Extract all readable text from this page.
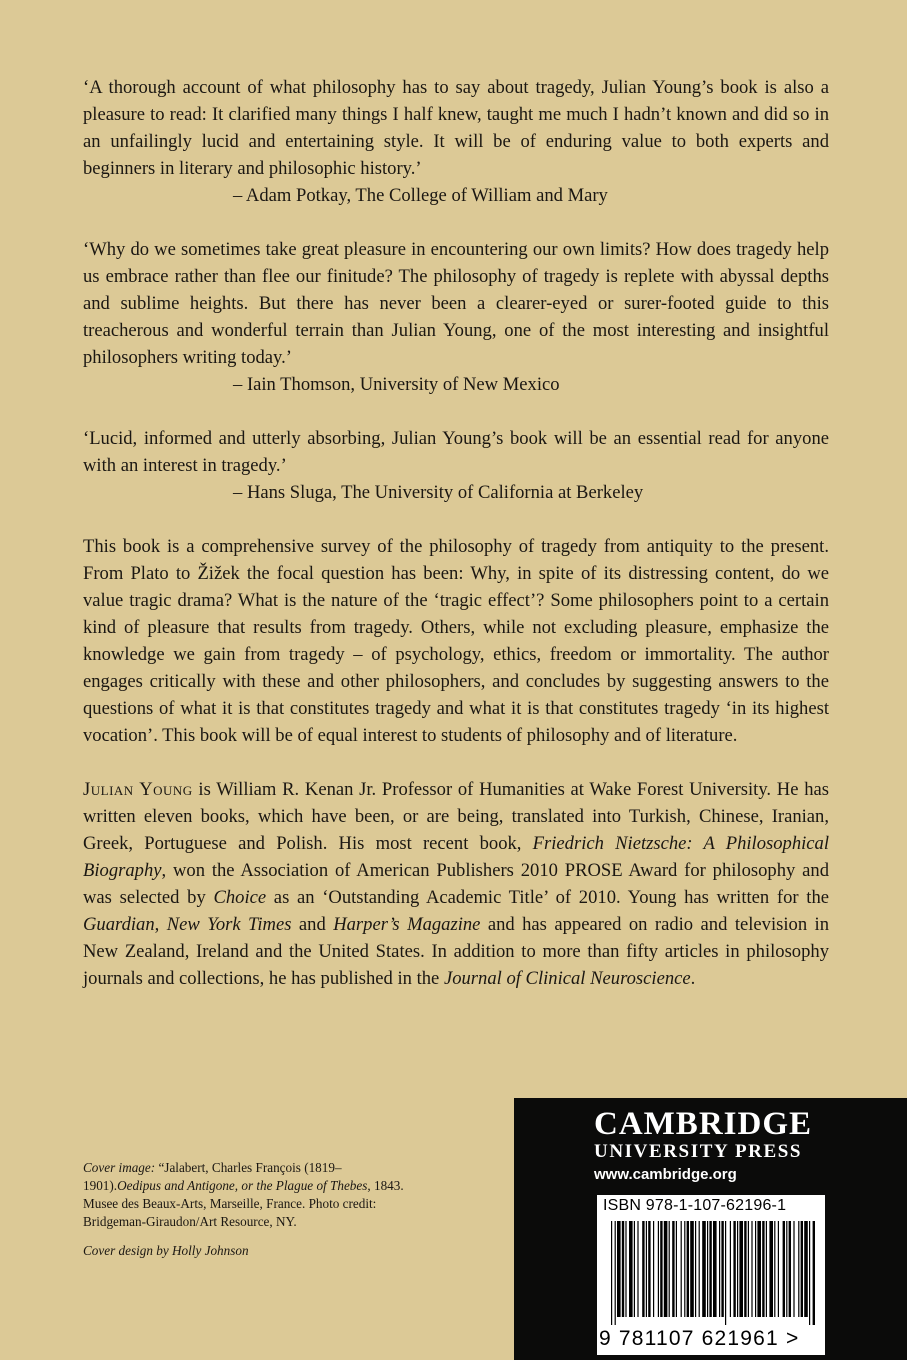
‘A thorough account of what philosophy has to say about tragedy, Julian Young’s book is also a pleasure to read: It clarified many things I half knew, taught me much I hadn’t known and did so in an unfailingly lucid and entertaining style. It will be of enduring value to both experts and beginners in literary and philosophic history.’

– Adam Potkay, The College of William and Mary

‘Why do we sometimes take great pleasure in encountering our own limits? How does tragedy help us embrace rather than flee our finitude? The philosophy of tragedy is replete with abyssal depths and sublime heights. But there has never been a clearer-eyed or surer-footed guide to this treacherous and wonderful terrain than Julian Young, one of the most interesting and insightful philosophers writing today.’

– Iain Thomson, University of New Mexico

‘Lucid, informed and utterly absorbing, Julian Young’s book will be an essential read for anyone with an interest in tragedy.’

– Hans Sluga, The University of California at Berkeley

This book is a comprehensive survey of the philosophy of tragedy from antiquity to the present. From Plato to Žižek the focal question has been: Why, in spite of its distressing content, do we value tragic drama? What is the nature of the ‘tragic effect’? Some philosophers point to a certain kind of pleasure that results from tragedy. Others, while not excluding pleasure, emphasize the knowledge we gain from tragedy – of psychology, ethics, freedom or immortality. The author engages critically with these and other philosophers, and concludes by suggesting answers to the questions of what it is that constitutes tragedy and what it is that constitutes tragedy ‘in its highest vocation’. This book will be of equal interest to students of philosophy and of literature.

Julian Young is William R. Kenan Jr. Professor of Humanities at Wake Forest University. He has written eleven books, which have been, or are being, translated into Turkish, Chinese, Iranian, Greek, Portuguese and Polish. His most recent book, Friedrich Nietzsche: A Philosophical Biography, won the Association of American Publishers 2010 PROSE Award for philosophy and was selected by Choice as an ‘Outstanding Academic Title’ of 2010. Young has written for the Guardian, New York Times and Harper’s Magazine and has appeared on radio and television in New Zealand, Ireland and the United States. In addition to more than fifty articles in philosophy journals and collections, he has published in the Journal of Clinical Neuroscience.

Cover image: “Jalabert, Charles François (1819–1901).Oedipus and Antigone, or the Plague of Thebes, 1843. Musee des Beaux-Arts, Marseille, France. Photo credit: Bridgeman-Giraudon/Art Resource, NY.

Cover design by Holly Johnson

CAMBRIDGE
UNIVERSITY PRESS
www.cambridge.org
ISBN 978-1-107-62196-1
9 781107 621961 >
